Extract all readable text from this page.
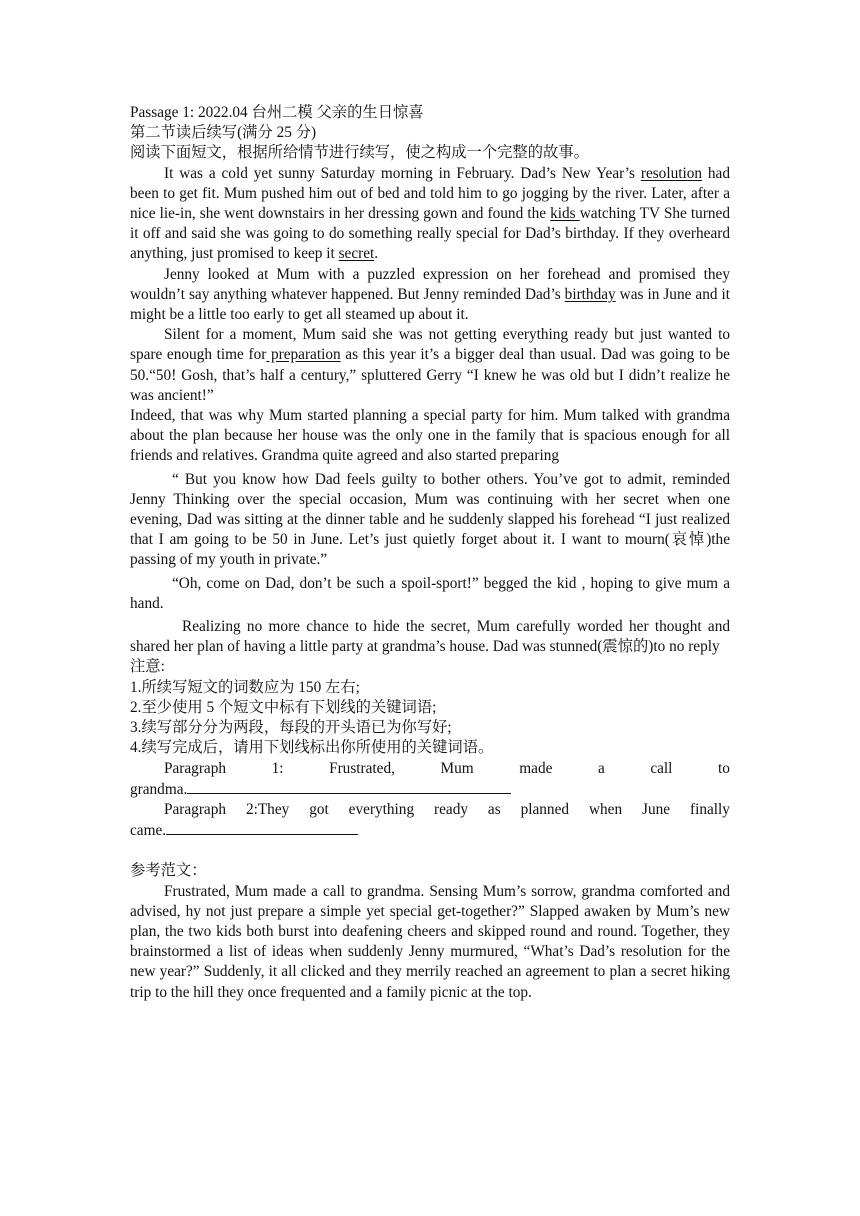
Passage 1: 2022.04 台州二模 父亲的生日惊喜

第二节读后续写(满分 25 分)

阅读下面短文，根据所给情节进行续写，使之构成一个完整的故事。

It was a cold yet sunny Saturday morning in February. Dad’s New Year’s resolution had been to get fit. Mum pushed him out of bed and told him to go jogging by the river. Later, after a nice lie-in, she went downstairs in her dressing gown and found the kids watching TV She turned it off and said she was going to do something really special for Dad’s birthday. If they overheard anything, just promised to keep it secret.

Jenny looked at Mum with a puzzled expression on her forehead and promised they wouldn’t say anything whatever happened. But Jenny reminded Dad’s birthday was in June and it might be a little too early to get all steamed up about it.

Silent for a moment, Mum said she was not getting everything ready but just wanted to spare enough time for preparation as this year it’s a bigger deal than usual. Dad was going to be 50.“50! Gosh, that’s half a century,” spluttered Gerry “I knew he was old but I didn’t realize he was ancient!”

Indeed, that was why Mum started planning a special party for him. Mum talked with grandma about the plan because her house was the only one in the family that is spacious enough for all friends and relatives. Grandma quite agreed and also started preparing

“ But you know how Dad feels guilty to bother others. You’ve got to admit, reminded Jenny Thinking over the special occasion, Mum was continuing with her secret when one evening, Dad was sitting at the dinner table and he suddenly slapped his forehead “I just realized that I am going to be 50 in June. Let’s just quietly forget about it. I want to mourn(哀悼)the passing of my youth in private.”

“Oh, come on Dad, don’t be such a spoil-sport!” begged the kid , hoping to give mum a hand.

Realizing no more chance to hide the secret, Mum carefully worded her thought and shared her plan of having a little party at grandma’s house. Dad was stunned(震惊的)to no reply

注意:

1.所续写短文的词数应为 150 左右;

2.至少使用 5 个短文中标有下划线的关键词语;

3.续写部分分为两段，每段的开头语已为你写好;

4.续写完成后，请用下划线标出你所使用的关键词语。

Paragraph	1:	Frustrated,	Mum	made	a	call	to

grandma.

Paragraph 2:They got everything ready as planned when June finally

came.

参考范文：

Frustrated, Mum made a call to grandma. Sensing Mum’s sorrow, grandma comforted and advised, hy not just prepare a simple yet special get-together?” Slapped awaken by Mum’s new plan, the two kids both burst into deafening cheers and skipped round and round. Together, they brainstormed a list of ideas when suddenly Jenny murmured, “What’s Dad’s resolution for the new year?” Suddenly, it all clicked and they merrily reached an agreement to plan a secret hiking trip to the hill they once frequented and a family picnic at the top.
